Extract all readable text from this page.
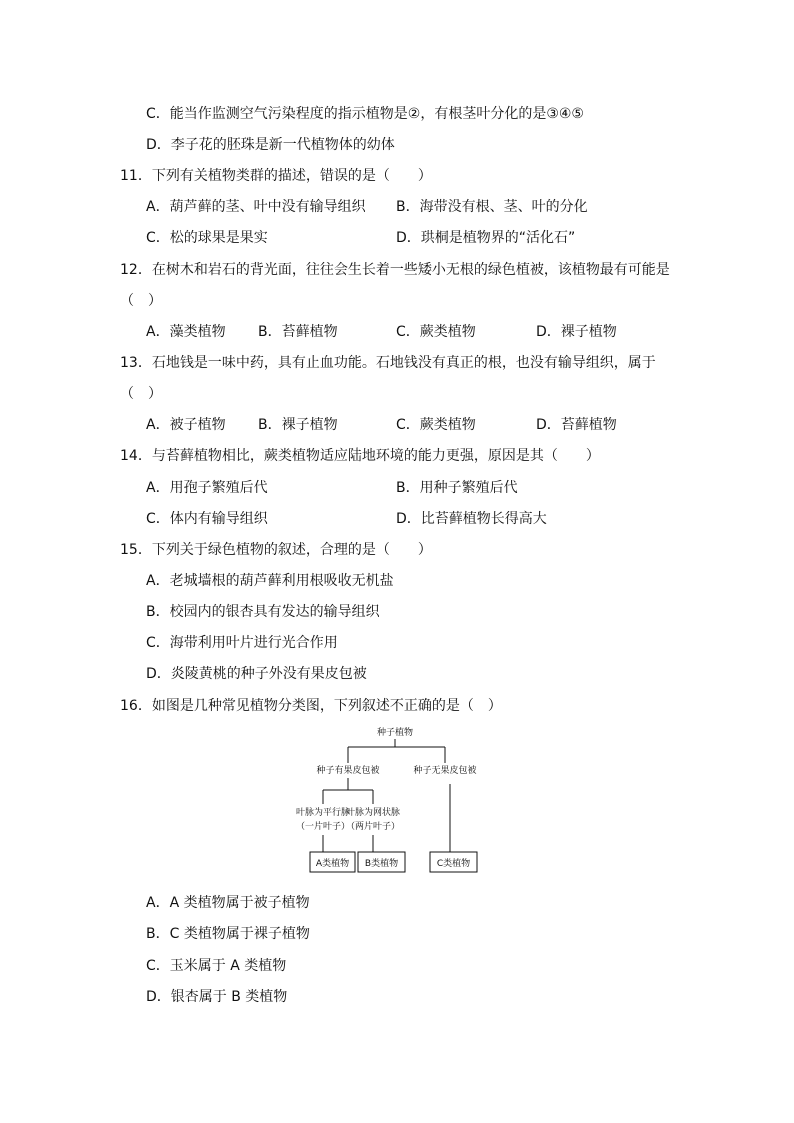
C．能当作监测空气污染程度的指示植物是②，有根茎叶分化的是③④⑤
D．李子花的胚珠是新一代植物体的幼体
11．下列有关植物类群的描述，错误的是（　　）
A．葫芦藓的茎、叶中没有输导组织 B．海带没有根、茎、叶的分化
C．松的球果是果实	D．珙桐是植物界的“活化石”
12．在树木和岩石的背光面，往往会生长着一些矮小无根的绿色植被，该植物最有可能是
（　）
A．藻类植物 B．苔藓植物	C．蕨类植物	D．裸子植物
13．石地钱是一味中药，具有止血功能。石地钱没有真正的根，也没有输导组织，属于
（　）
A．被子植物 B．裸子植物	C．蕨类植物	D．苔藓植物
14．与苔藓植物相比，蕨类植物适应陆地环境的能力更强，原因是其（　　）
A．用孢子繁殖后代	B．用种子繁殖后代
C．体内有输导组织	D．比苔藓植物长得高大
15．下列关于绿色植物的叙述，合理的是（　　）
A．老城墙根的葫芦藓利用根吸收无机盐
B．校园内的银杏具有发达的输导组织
C．海带利用叶片进行光合作用
D．炎陵黄桃的种子外没有果皮包被
16．如图是几种常见植物分类图，下列叙述不正确的是（　）
种子植物
种子有果皮包被	种子无果皮包被
叶脉为平行脉
（一片叶子）
叶脉为网状脉
（两片叶子）
A类植物 B类植物	C类植物
A．A 类植物属于被子植物
B．C 类植物属于裸子植物
C．玉米属于 A 类植物
D．银杏属于 B 类植物
